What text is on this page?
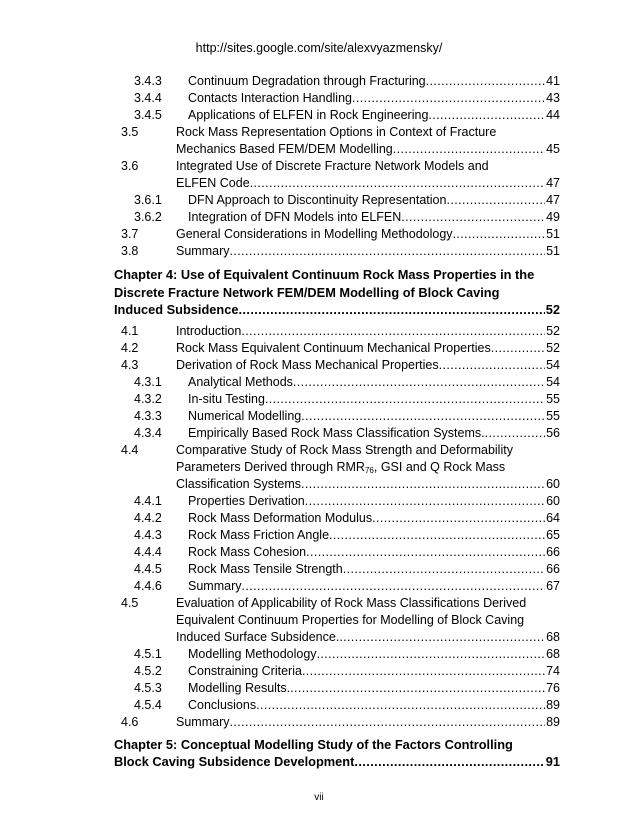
http://sites.google.com/site/alexvyazmensky/
3.4.3 Continuum Degradation through Fracturing .....	41
3.4.4 Contacts Interaction Handling .....	43
3.4.5 Applications of ELFEN in Rock Engineering .....	44
3.5	Rock Mass Representation Options in Context of Fracture
Mechanics Based FEM/DEM Modelling .....	45
3.6	Integrated Use of Discrete Fracture Network Models and
ELFEN Code .....	47
3.6.1 DFN Approach to Discontinuity Representation .....	47
3.6.2 Integration of DFN Models into ELFEN .....	49
3.7	General Considerations in Modelling Methodology .....	51
3.8	Summary .....	51
Chapter 4: Use of Equivalent Continuum Rock Mass Properties in the
Discrete Fracture Network FEM/DEM Modelling of Block Caving
Induced Subsidence .....	52
4.1	Introduction .....	52
4.2	Rock Mass Equivalent Continuum Mechanical Properties .....	52
4.3	Derivation of Rock Mass Mechanical Properties .....	54
4.3.1 Analytical Methods .....	54
4.3.2 In-situ Testing .....	55
4.3.3 Numerical Modelling .....	55
4.3.4 Empirically Based Rock Mass Classification Systems. .....	56
4.4	Comparative Study of Rock Mass Strength and Deformability
Parameters Derived through $RMR_{76}$, GSI and Q Rock Mass
Classification Systems .....	60
4.4.1 Properties Derivation .....	60
4.4.2 Rock Mass Deformation Modulus .....	64
4.4.3 Rock Mass Friction Angle .....	65
4.4.4 Rock Mass Cohesion .....	66
4.4.5 Rock Mass Tensile Strength .....	66
4.4.6 Summary .....	67
4.5	Evaluation of Applicability of Rock Mass Classifications Derived
Equivalent Continuum Properties for Modelling of Block Caving
Induced Surface Subsidence. .....	68
4.5.1 Modelling Methodology .....	68
4.5.2 Constraining Criteria .....	74
4.5.3 Modelling Results. .....	76
4.5.4 Conclusions .....	89
4.6	Summary .....	89
Chapter 5: Conceptual Modelling Study of the Factors Controlling
Block Caving Subsidence Development .....	91
vii
